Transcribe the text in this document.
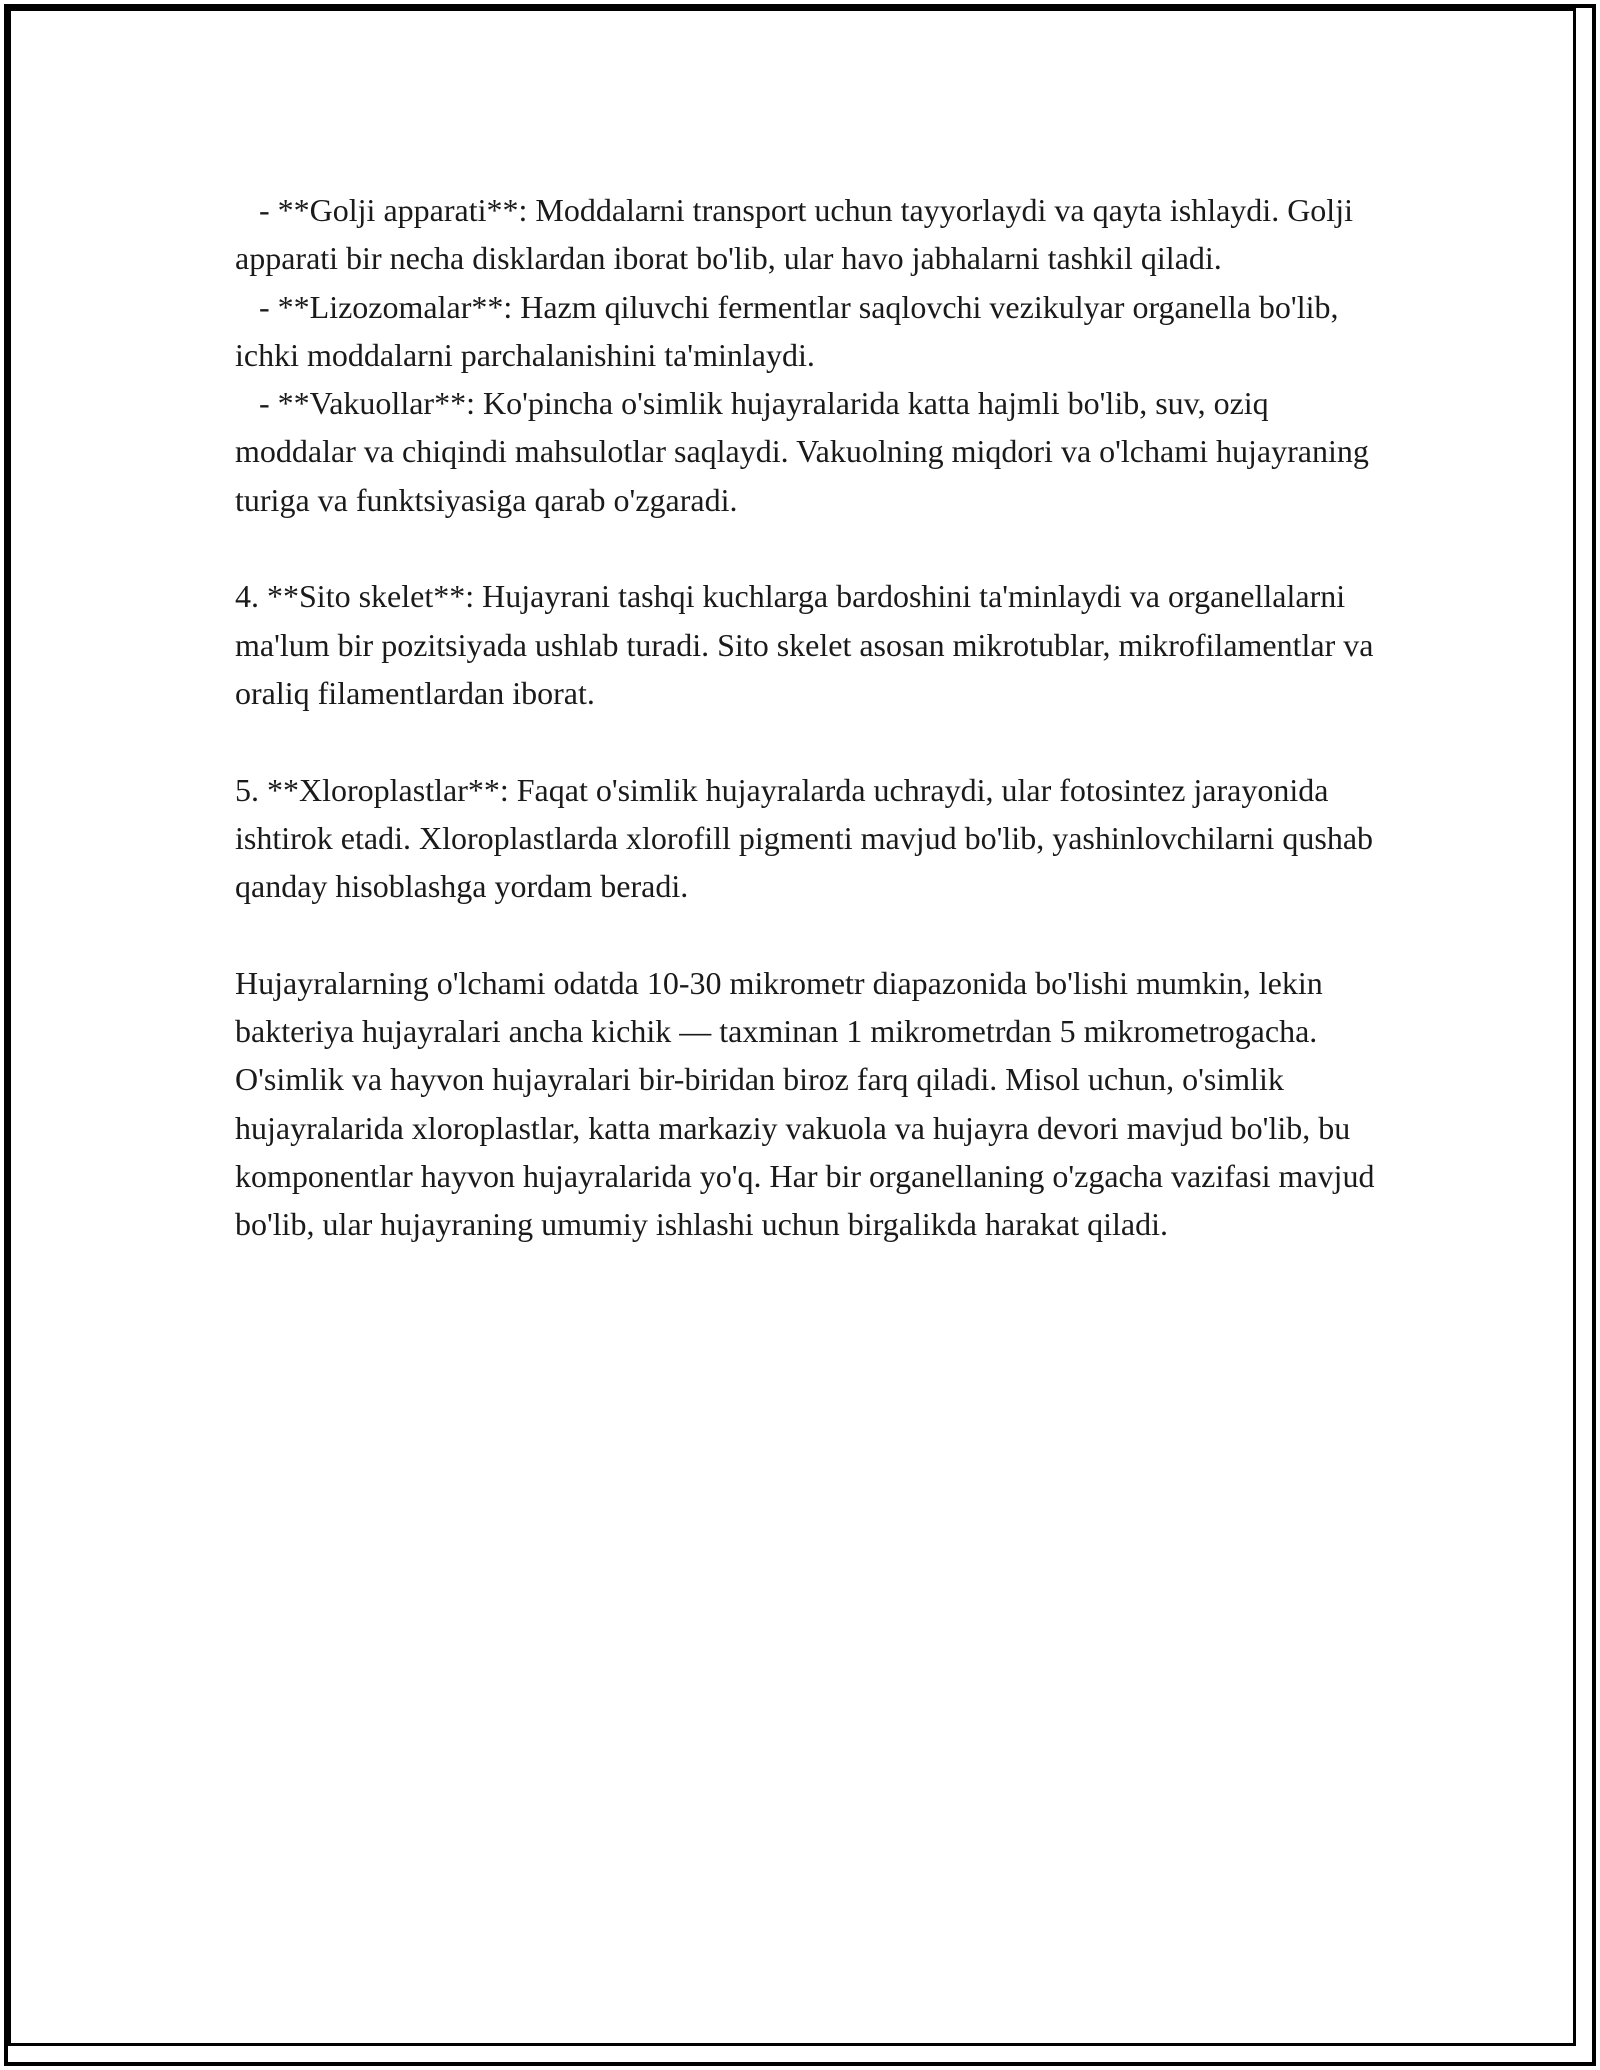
- **Golji apparati**: Moddalarni transport uchun tayyorlaydi va qayta ishlaydi. Golji apparati bir necha disklardan iborat bo'lib, ular havo jabhalarni tashkil qiladi.

- **Lizozomalar**: Hazm qiluvchi fermentlar saqlovchi vezikulyar organella bo'lib, ichki moddalarni parchalanishini ta'minlaydi.

- **Vakuollar**: Ko'pincha o'simlik hujayralarida katta hajmli bo'lib, suv, oziq moddalar va chiqindi mahsulotlar saqlaydi. Vakuolning miqdori va o'lchami hujayraning turiga va funktsiyasiga qarab o'zgaradi.

4. **Sito skelet**: Hujayrani tashqi kuchlarga bardoshini ta'minlaydi va organellalarni ma'lum bir pozitsiyada ushlab turadi. Sito skelet asosan mikrotublar, mikrofilamentlar va oraliq filamentlardan iborat.

5. **Xloroplastlar**: Faqat o'simlik hujayralarda uchraydi, ular fotosintez jarayonida ishtirok etadi. Xloroplastlarda xlorofill pigmenti mavjud bo'lib, yashinlovchilarni qushab qanday hisoblashga yordam beradi.

Hujayralarning o'lchami odatda 10-30 mikrometr diapazonida bo'lishi mumkin, lekin bakteriya hujayralari ancha kichik — taxminan 1 mikrometrdan 5 mikrometrogacha. O'simlik va hayvon hujayralari bir-biridan biroz farq qiladi. Misol uchun, o'simlik hujayralarida xloroplastlar, katta markaziy vakuola va hujayra devori mavjud bo'lib, bu komponentlar hayvon hujayralarida yo'q. Har bir organellaning o'zgacha vazifasi mavjud bo'lib, ular hujayraning umumiy ishlashi uchun birgalikda harakat qiladi.
